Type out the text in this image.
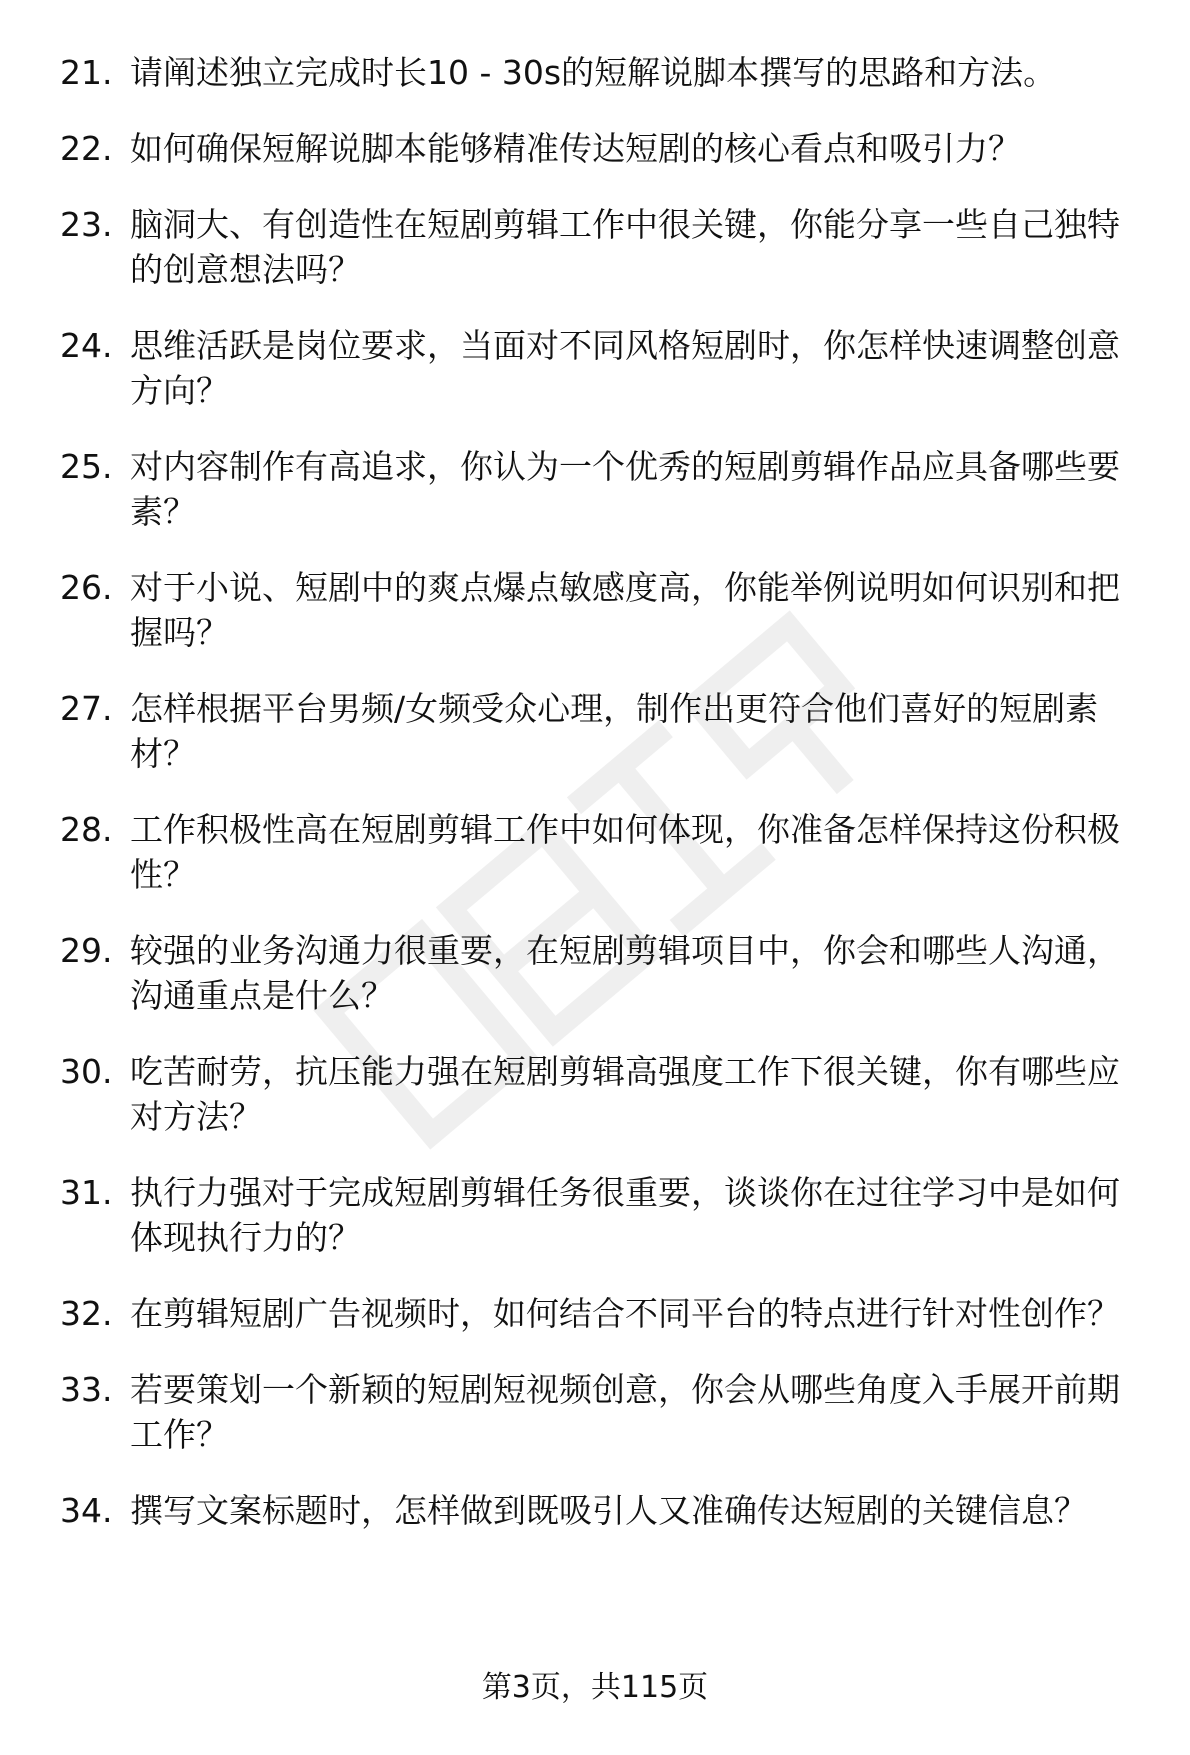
21. 请阐述独立完成时长10 - 30s的短解说脚本撰写的思路和方法。
22. 如何确保短解说脚本能够精准传达短剧的核心看点和吸引力？
23. 脑洞大、有创造性在短剧剪辑工作中很关键，你能分享一些自己独特的创意想法吗？
24. 思维活跃是岗位要求，当面对不同风格短剧时，你怎样快速调整创意方向？
25. 对内容制作有高追求，你认为一个优秀的短剧剪辑作品应具备哪些要素？
26. 对于小说、短剧中的爽点爆点敏感度高，你能举例说明如何识别和把握吗？
27. 怎样根据平台男频/女频受众心理，制作出更符合他们喜好的短剧素材？
28. 工作积极性高在短剧剪辑工作中如何体现，你准备怎样保持这份积极性？
29. 较强的业务沟通力很重要，在短剧剪辑项目中，你会和哪些人沟通，沟通重点是什么？
30. 吃苦耐劳，抗压能力强在短剧剪辑高强度工作下很关键，你有哪些应对方法？
31. 执行力强对于完成短剧剪辑任务很重要，谈谈你在过往学习中是如何体现执行力的？
32. 在剪辑短剧广告视频时，如何结合不同平台的特点进行针对性创作？
33. 若要策划一个新颖的短剧短视频创意，你会从哪些角度入手展开前期工作？
34. 撰写文案标题时，怎样做到既吸引人又准确传达短剧的关键信息？
第3页，共115页
